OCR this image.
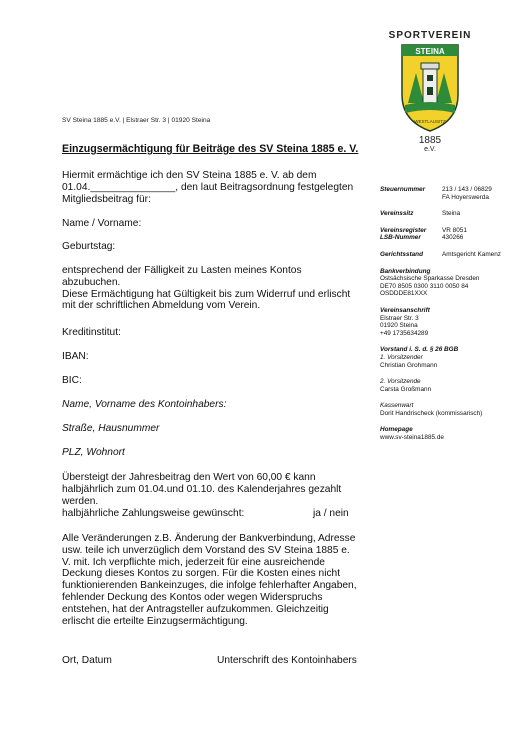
SPORTVEREIN
STEINA
WESTLAUSITZ
1885
e.V.
SV Steina 1885 e.V. | Elstraer Str. 3 | 01920 Steina
Einzugsermächtigung für Beiträge des SV Steina 1885 e. V.
Hiermit ermächtige ich den SV Steina 1885 e. V. ab dem
01.04._______________, den laut Beitragsordnung festgelegten
Mitgliedsbeitrag für:
Name / Vorname:
Geburtstag:
entsprechend der Fälligkeit zu Lasten meines Kontos
abzubuchen.
Diese Ermächtigung hat Gültigkeit bis zum Widerruf und erlischt
mit der schriftlichen Abmeldung vom Verein.
Kreditinstitut:
IBAN:
BIC:
Name, Vorname des Kontoinhabers:
Straße, Hausnummer
PLZ, Wohnort
Übersteigt der Jahresbeitrag den Wert von 60,00 € kann
halbjährlich zum 01.04.und 01.10. des Kalenderjahres gezahlt
werden.
halbjährliche Zahlungsweise gewünscht:	ja / nein
Alle Veränderungen z.B. Änderung der Bankverbindung, Adresse
usw. teile ich unverzüglich dem Vorstand des SV Steina 1885 e.
V. mit. Ich verpflichte mich, jederzeit für eine ausreichende
Deckung dieses Kontos zu sorgen. Für die Kosten eines nicht
funktionierenden Bankeinzuges, die infolge fehlerhafter Angaben,
fehlender Deckung des Kontos oder wegen Widerspruchs
entstehen, hat der Antragsteller aufzukommen. Gleichzeitig
erlischt die erteilte Einzugsermächtigung.
Ort, Datum	Unterschrift des Kontoinhabers
Steuernummer	213 / 143 / 06829
FA Hoyerswerda
Vereinssitz	Steina
Vereinsregister	VR 8051
LSB-Nummer	430266
Gerichtsstand	Amtsgericht Kamenz
Bankverbindung
Ostsächsische Sparkasse Dresden
DE70 8505 0300 3110 0050 84
OSDDDE81XXX
Vereinsanschrift
Elstraer Str. 3
01920 Steina
+49 1735634289
Vorstand i. S. d. § 26 BGB
1. Vorsitzender
Christian Grohmann
2. Vorsitzende
Carsta Großmann
Kassenwart
Dorit Handrischeck (kommissarisch)
Homepage
www.sv-steina1885.de
